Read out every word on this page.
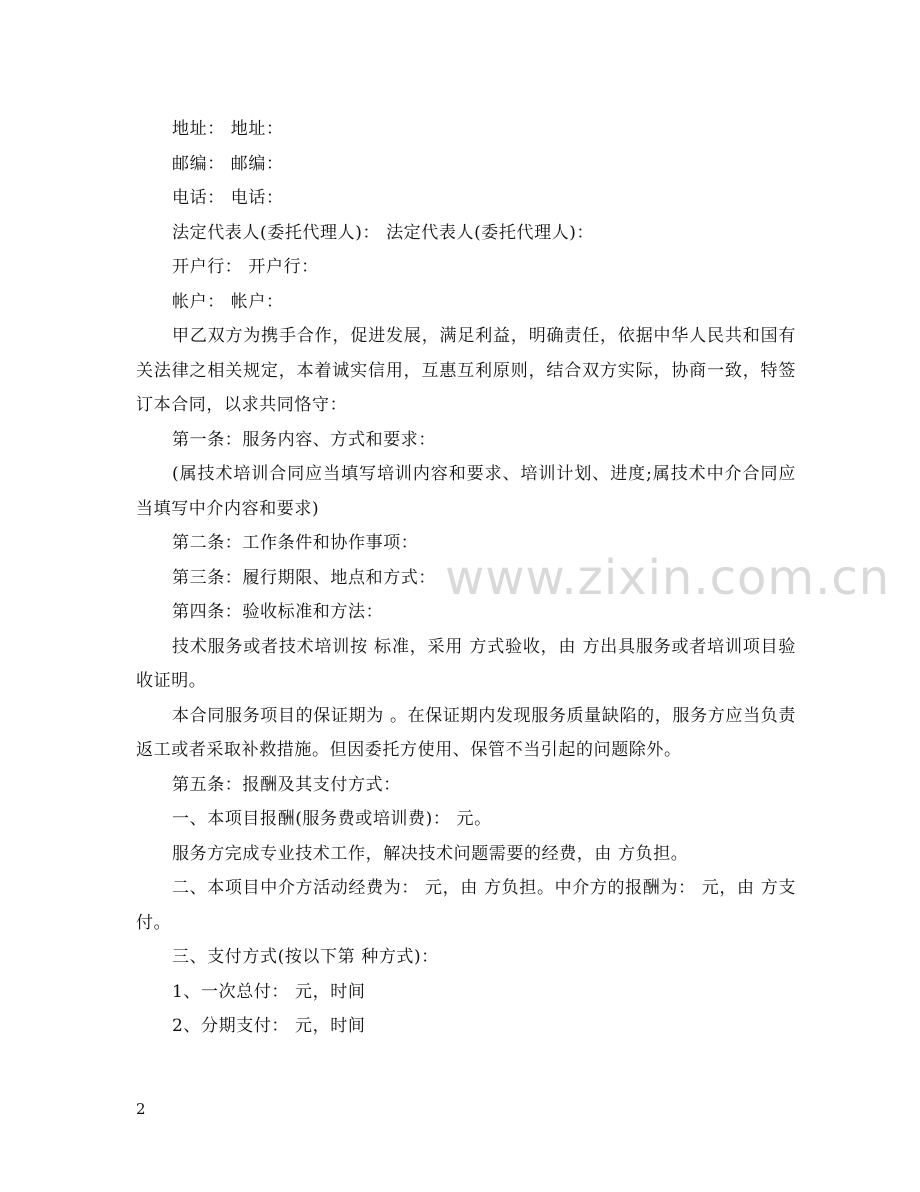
www.zixin.com.cn

地址： 地址：

邮编： 邮编：

电话： 电话：

法定代表人(委托代理人)： 法定代表人(委托代理人)：

开户行： 开户行：

帐户： 帐户：

甲乙双方为携手合作，促进发展，满足利益，明确责任，依据中华人民共和国有关法律之相关规定，本着诚实信用，互惠互利原则，结合双方实际，协商一致，特签订本合同，以求共同恪守：

第一条：服务内容、方式和要求：

(属技术培训合同应当填写培训内容和要求、培训计划、进度;属技术中介合同应当填写中介内容和要求)

第二条：工作条件和协作事项：

第三条：履行期限、地点和方式：

第四条：验收标准和方法：

技术服务或者技术培训按 标准，采用 方式验收，由 方出具服务或者培训项目验收证明。

本合同服务项目的保证期为 。在保证期内发现服务质量缺陷的，服务方应当负责返工或者采取补救措施。但因委托方使用、保管不当引起的问题除外。

第五条：报酬及其支付方式：

一、本项目报酬(服务费或培训费)： 元。

服务方完成专业技术工作，解决技术问题需要的经费，由 方负担。

二、本项目中介方活动经费为： 元，由 方负担。中介方的报酬为： 元，由 方支付。

三、支付方式(按以下第 种方式)：

1、一次总付： 元，时间

2、分期支付： 元，时间

2
